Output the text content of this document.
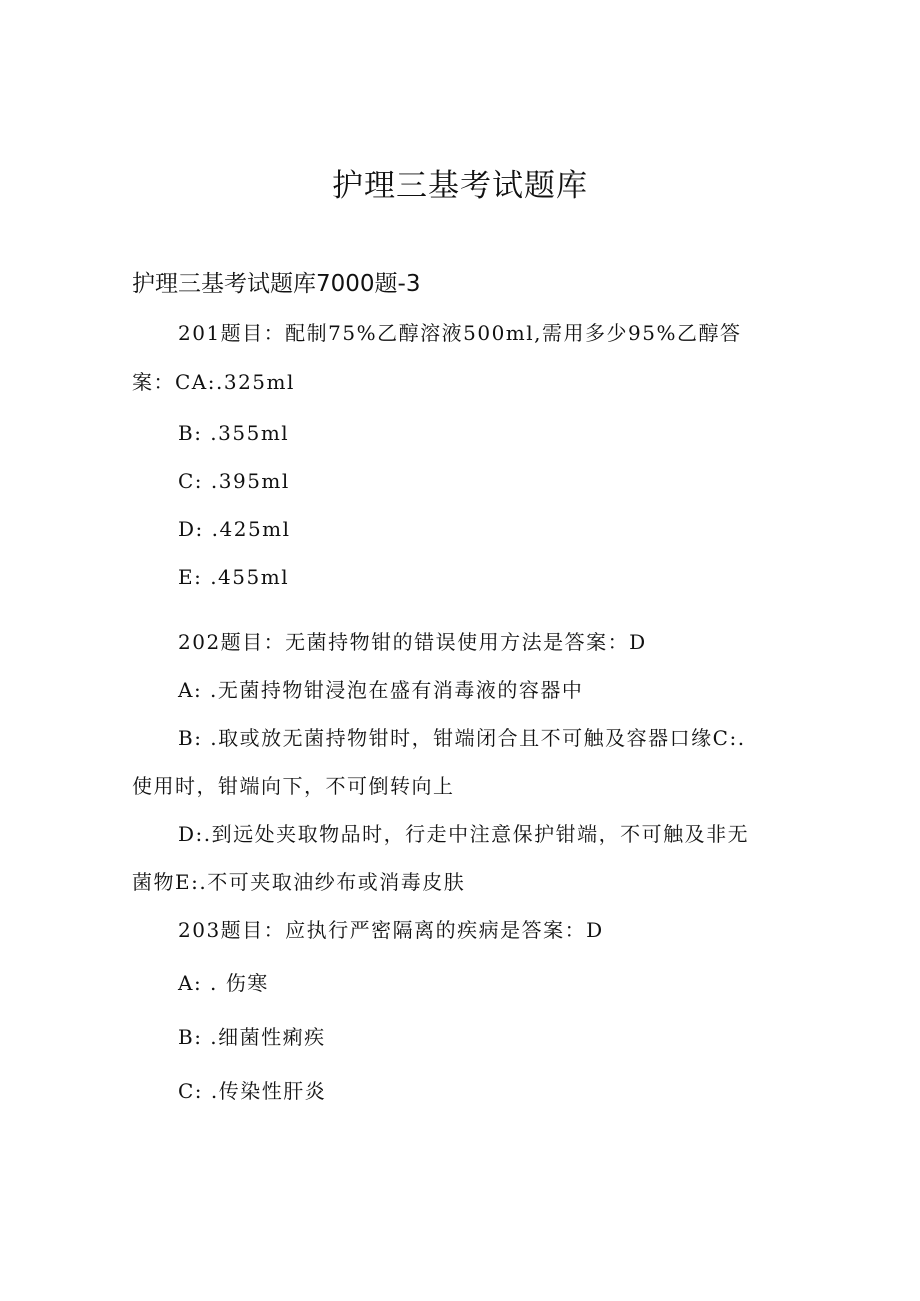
护理三基考试题库
护理三基考试题库7000题-3
201题目：配制75%乙醇溶液500ml,需用多少95%乙醇答
案：CA:.325ml
B: .355ml
C: .395ml
D: .425ml
E: .455ml
202题目：无菌持物钳的错误使用方法是答案：D
A: .无菌持物钳浸泡在盛有消毒液的容器中
B: .取或放无菌持物钳时，钳端闭合且不可触及容器口缘C:.
使用时，钳端向下，不可倒转向上
D:.到远处夹取物品时，行走中注意保护钳端，不可触及非无
菌物E:.不可夹取油纱布或消毒皮肤
203题目：应执行严密隔离的疾病是答案：D
A: . 伤寒
B: .细菌性痢疾
C: .传染性肝炎
